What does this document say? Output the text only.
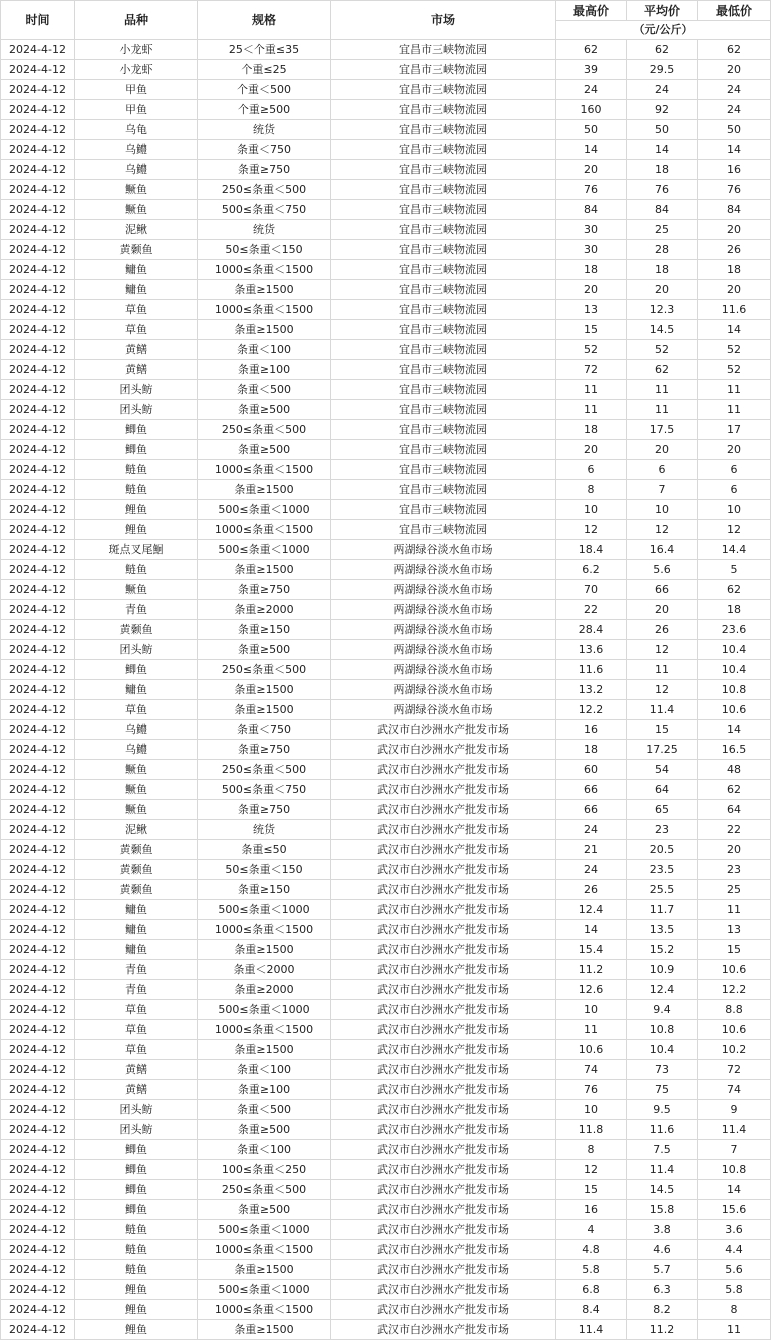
时间	品种	规格	市场	最高价	平均价	最低价
				（元/公斤）		
2024-4-12	小龙虾	25＜个重≤35	宜昌市三峡物流园	62	62	62
2024-4-12	小龙虾	个重≤25	宜昌市三峡物流园	39	29.5	20
2024-4-12	甲鱼	个重＜500	宜昌市三峡物流园	24	24	24
2024-4-12	甲鱼	个重≥500	宜昌市三峡物流园	160	92	24
2024-4-12	乌龟	统货	宜昌市三峡物流园	50	50	50
2024-4-12	乌鳢	条重＜750	宜昌市三峡物流园	14	14	14
2024-4-12	乌鳢	条重≥750	宜昌市三峡物流园	20	18	16
2024-4-12	鳜鱼	250≤条重＜500	宜昌市三峡物流园	76	76	76
2024-4-12	鳜鱼	500≤条重＜750	宜昌市三峡物流园	84	84	84
2024-4-12	泥鳅	统货	宜昌市三峡物流园	30	25	20
2024-4-12	黄颡鱼	50≤条重＜150	宜昌市三峡物流园	30	28	26
2024-4-12	鳙鱼	1000≤条重＜1500	宜昌市三峡物流园	18	18	18
2024-4-12	鳙鱼	条重≥1500	宜昌市三峡物流园	20	20	20
2024-4-12	草鱼	1000≤条重＜1500	宜昌市三峡物流园	13	12.3	11.6
2024-4-12	草鱼	条重≥1500	宜昌市三峡物流园	15	14.5	14
2024-4-12	黄鳝	条重＜100	宜昌市三峡物流园	52	52	52
2024-4-12	黄鳝	条重≥100	宜昌市三峡物流园	72	62	52
2024-4-12	团头鲂	条重＜500	宜昌市三峡物流园	11	11	11
2024-4-12	团头鲂	条重≥500	宜昌市三峡物流园	11	11	11
2024-4-12	鲫鱼	250≤条重＜500	宜昌市三峡物流园	18	17.5	17
2024-4-12	鲫鱼	条重≥500	宜昌市三峡物流园	20	20	20
2024-4-12	鲢鱼	1000≤条重＜1500	宜昌市三峡物流园	6	6	6
2024-4-12	鲢鱼	条重≥1500	宜昌市三峡物流园	8	7	6
2024-4-12	鲤鱼	500≤条重＜1000	宜昌市三峡物流园	10	10	10
2024-4-12	鲤鱼	1000≤条重＜1500	宜昌市三峡物流园	12	12	12
2024-4-12	斑点叉尾鮰	500≤条重＜1000	两湖绿谷淡水鱼市场	18.4	16.4	14.4
2024-4-12	鲢鱼	条重≥1500	两湖绿谷淡水鱼市场	6.2	5.6	5
2024-4-12	鳜鱼	条重≥750	两湖绿谷淡水鱼市场	70	66	62
2024-4-12	青鱼	条重≥2000	两湖绿谷淡水鱼市场	22	20	18
2024-4-12	黄颡鱼	条重≥150	两湖绿谷淡水鱼市场	28.4	26	23.6
2024-4-12	团头鲂	条重≥500	两湖绿谷淡水鱼市场	13.6	12	10.4
2024-4-12	鲫鱼	250≤条重＜500	两湖绿谷淡水鱼市场	11.6	11	10.4
2024-4-12	鳙鱼	条重≥1500	两湖绿谷淡水鱼市场	13.2	12	10.8
2024-4-12	草鱼	条重≥1500	两湖绿谷淡水鱼市场	12.2	11.4	10.6
2024-4-12	乌鳢	条重＜750	武汉市白沙洲水产批发市场	16	15	14
2024-4-12	乌鳢	条重≥750	武汉市白沙洲水产批发市场	18	17.25	16.5
2024-4-12	鳜鱼	250≤条重＜500	武汉市白沙洲水产批发市场	60	54	48
2024-4-12	鳜鱼	500≤条重＜750	武汉市白沙洲水产批发市场	66	64	62
2024-4-12	鳜鱼	条重≥750	武汉市白沙洲水产批发市场	66	65	64
2024-4-12	泥鳅	统货	武汉市白沙洲水产批发市场	24	23	22
2024-4-12	黄颡鱼	条重≤50	武汉市白沙洲水产批发市场	21	20.5	20
2024-4-12	黄颡鱼	50≤条重＜150	武汉市白沙洲水产批发市场	24	23.5	23
2024-4-12	黄颡鱼	条重≥150	武汉市白沙洲水产批发市场	26	25.5	25
2024-4-12	鳙鱼	500≤条重＜1000	武汉市白沙洲水产批发市场	12.4	11.7	11
2024-4-12	鳙鱼	1000≤条重＜1500	武汉市白沙洲水产批发市场	14	13.5	13
2024-4-12	鳙鱼	条重≥1500	武汉市白沙洲水产批发市场	15.4	15.2	15
2024-4-12	青鱼	条重＜2000	武汉市白沙洲水产批发市场	11.2	10.9	10.6
2024-4-12	青鱼	条重≥2000	武汉市白沙洲水产批发市场	12.6	12.4	12.2
2024-4-12	草鱼	500≤条重＜1000	武汉市白沙洲水产批发市场	10	9.4	8.8
2024-4-12	草鱼	1000≤条重＜1500	武汉市白沙洲水产批发市场	11	10.8	10.6
2024-4-12	草鱼	条重≥1500	武汉市白沙洲水产批发市场	10.6	10.4	10.2
2024-4-12	黄鳝	条重＜100	武汉市白沙洲水产批发市场	74	73	72
2024-4-12	黄鳝	条重≥100	武汉市白沙洲水产批发市场	76	75	74
2024-4-12	团头鲂	条重＜500	武汉市白沙洲水产批发市场	10	9.5	9
2024-4-12	团头鲂	条重≥500	武汉市白沙洲水产批发市场	11.8	11.6	11.4
2024-4-12	鲫鱼	条重＜100	武汉市白沙洲水产批发市场	8	7.5	7
2024-4-12	鲫鱼	100≤条重＜250	武汉市白沙洲水产批发市场	12	11.4	10.8
2024-4-12	鲫鱼	250≤条重＜500	武汉市白沙洲水产批发市场	15	14.5	14
2024-4-12	鲫鱼	条重≥500	武汉市白沙洲水产批发市场	16	15.8	15.6
2024-4-12	鲢鱼	500≤条重＜1000	武汉市白沙洲水产批发市场	4	3.8	3.6
2024-4-12	鲢鱼	1000≤条重＜1500	武汉市白沙洲水产批发市场	4.8	4.6	4.4
2024-4-12	鲢鱼	条重≥1500	武汉市白沙洲水产批发市场	5.8	5.7	5.6
2024-4-12	鲤鱼	500≤条重＜1000	武汉市白沙洲水产批发市场	6.8	6.3	5.8
2024-4-12	鲤鱼	1000≤条重＜1500	武汉市白沙洲水产批发市场	8.4	8.2	8
2024-4-12	鲤鱼	条重≥1500	武汉市白沙洲水产批发市场	11.4	11.2	11
